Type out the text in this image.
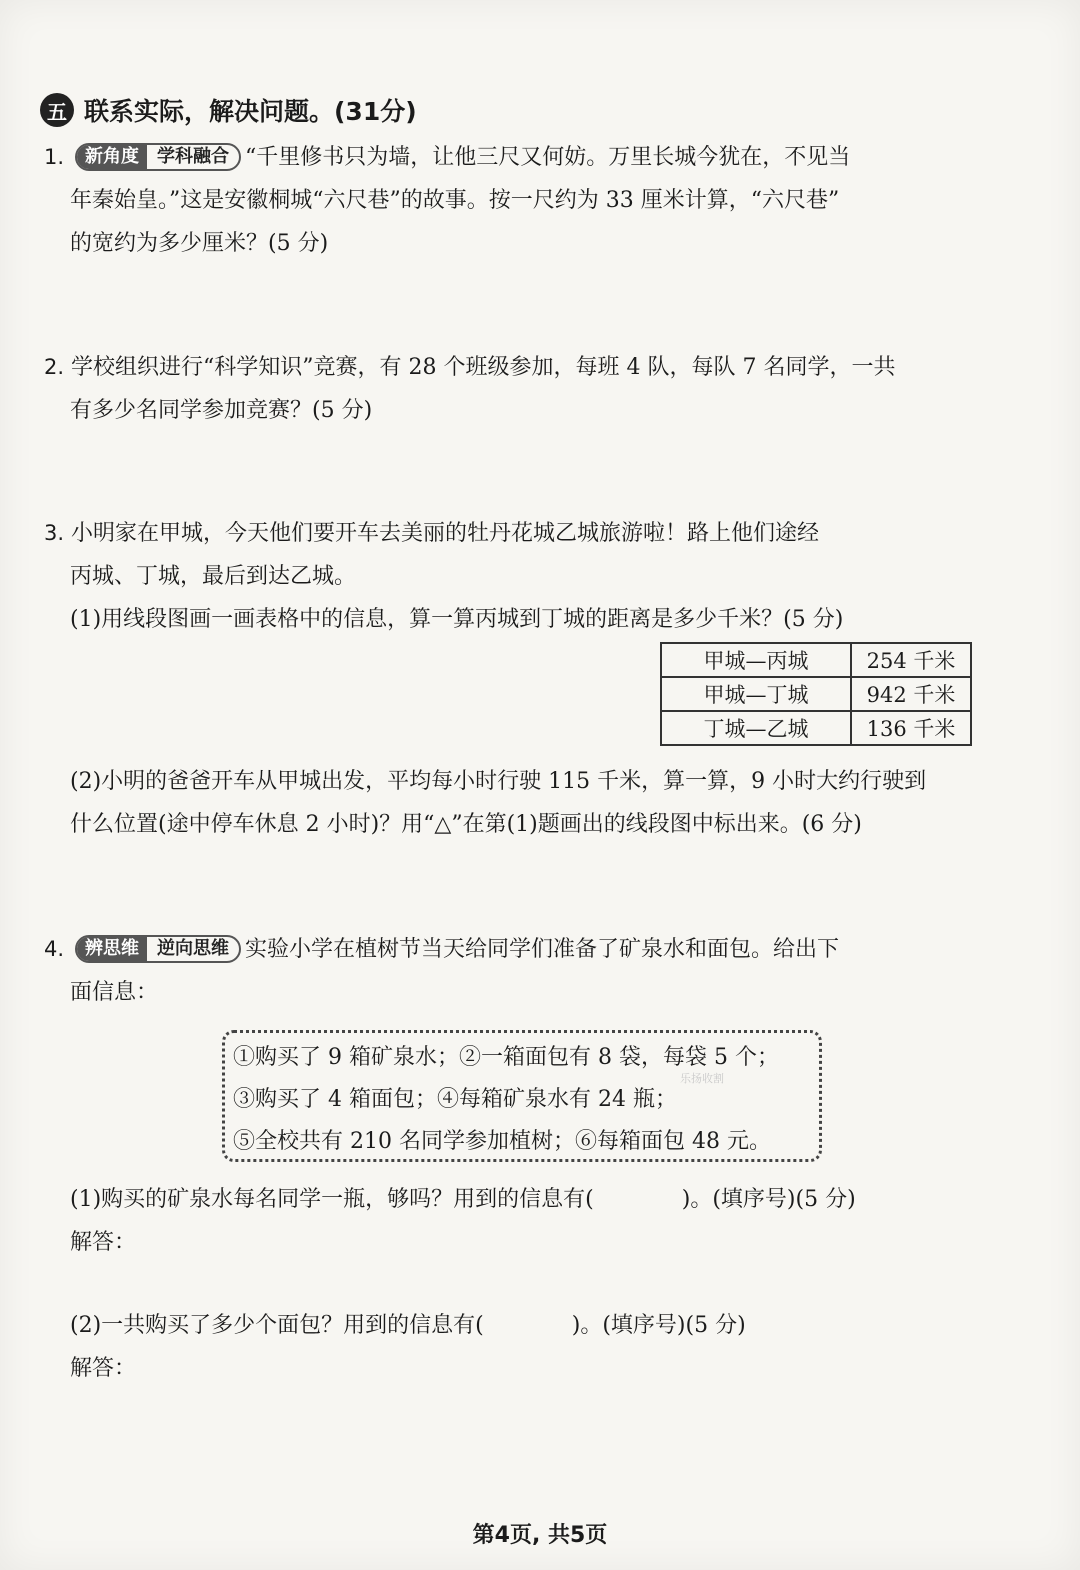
五 联系实际，解决问题。(31分)
1.	新角度	学科融合 “千里修书只为墙，让他三尺又何妨。万里长城今犹在，不见当
年秦始皇。”这是安徽桐城“六尺巷”的故事。按一尺约为 33 厘米计算，“六尺巷”
的宽约为多少厘米？(5 分)
2. 学校组织进行“科学知识”竞赛，有 28 个班级参加，每班 4 队，每队 7 名同学，一共
有多少名同学参加竞赛？(5 分)
3. 小明家在甲城，今天他们要开车去美丽的牡丹花城乙城旅游啦！路上他们途经
丙城、丁城，最后到达乙城。
(1)用线段图画一画表格中的信息，算一算丙城到丁城的距离是多少千米？(5 分)
甲城—丙城	254 千米
甲城—丁城	942 千米
丁城—乙城	136 千米
(2)小明的爸爸开车从甲城出发，平均每小时行驶 115 千米，算一算，9 小时大约行驶到
什么位置(途中停车休息 2 小时)？用“△”在第(1)题画出的线段图中标出来。(6 分)
4.	辨思维	逆向思维 实验小学在植树节当天给同学们准备了矿泉水和面包。给出下
面信息：
①购买了 9 箱矿泉水；②一箱面包有 8 袋，每袋 5 个；
③购买了 4 箱面包；④每箱矿泉水有 24 瓶；
⑤全校共有 210 名同学参加植树；⑥每箱面包 48 元。
乐扬收割
(1)购买的矿泉水每名同学一瓶，够吗？用到的信息有(　　　　)。(填序号)(5 分)
解答：
(2)一共购买了多少个面包？用到的信息有(　　　　)。(填序号)(5 分)
解答：
第4页, 共5页
